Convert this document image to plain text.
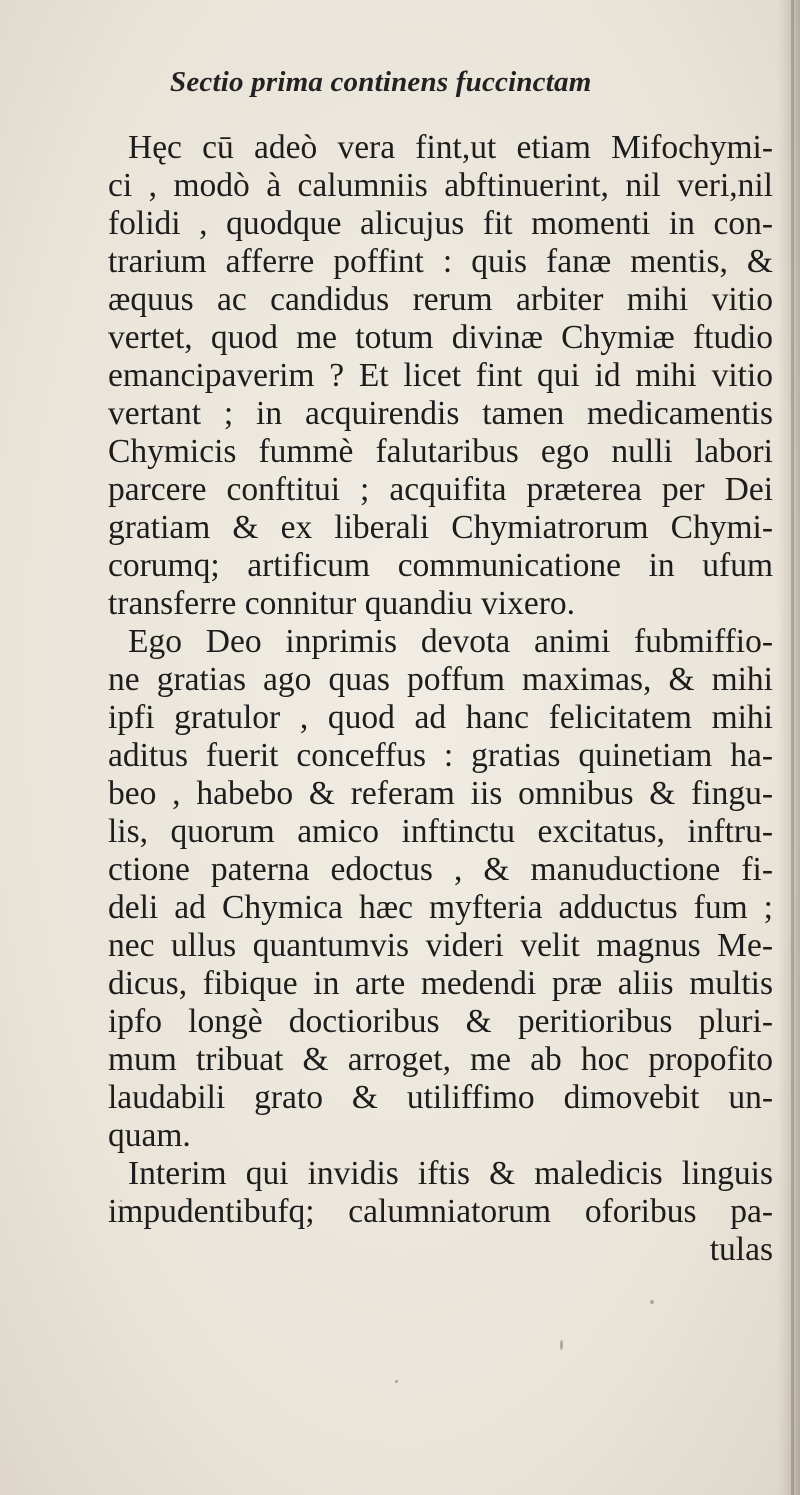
Sectio prima continens fuccinctam
Hęc cū adeò vera fint,ut etiam Mifochymi-
ci , modò à calumniis abftinuerint, nil veri,nil
folidi , quodque alicujus fit momenti in con-
trarium afferre poffint : quis fanæ mentis, &
æquus ac candidus rerum arbiter mihi vitio
vertet, quod me totum divinæ Chymiæ ftudio
emancipaverim ? Et licet fint qui id mihi vitio
vertant ; in acquirendis tamen medicamentis
Chymicis fummè falutaribus ego nulli labori
parcere conftitui ; acquifita præterea per Dei
gratiam & ex liberali Chymiatrorum Chymi-
corumq; artificum communicatione in ufum
transferre connitur quandiu vixero.
Ego Deo inprimis devota animi fubmiffio-
ne gratias ago quas poffum maximas, & mihi
ipfi gratulor , quod ad hanc felicitatem mihi
aditus fuerit conceffus : gratias quinetiam ha-
beo , habebo & referam iis omnibus & fingu-
lis, quorum amico inftinctu excitatus, inftru-
ctione paterna edoctus , & manuductione fi-
deli ad Chymica hæc myfteria adductus fum ;
nec ullus quantumvis videri velit magnus Me-
dicus, fibique in arte medendi præ aliis multis
ipfo longè doctioribus & peritioribus pluri-
mum tribuat & arroget, me ab hoc propofito
laudabili grato & utiliffimo dimovebit un-
quam.
Interim qui invidis iftis & maledicis linguis
impudentibufq; calumniatorum oforibus pa-
tulas
